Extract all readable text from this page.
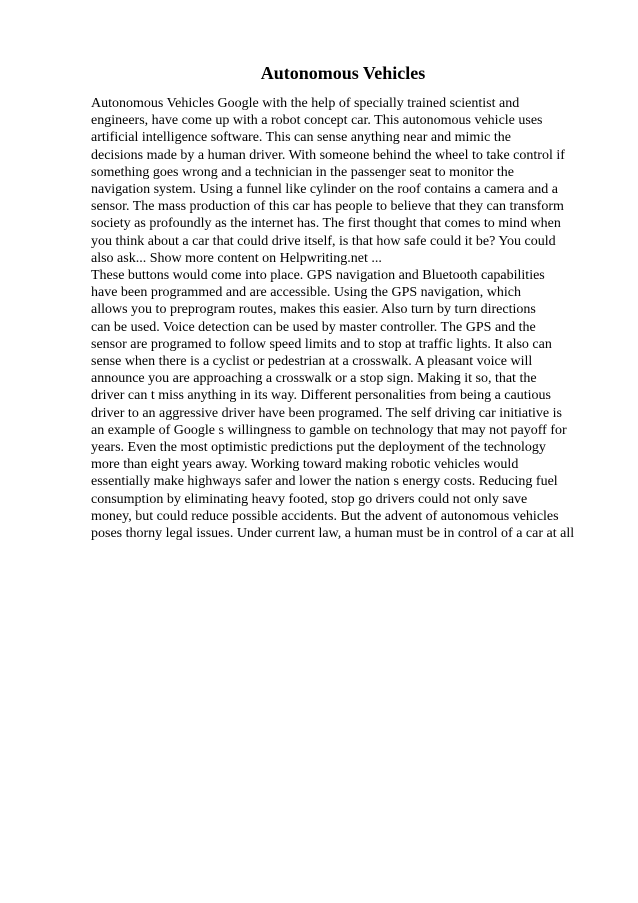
Autonomous Vehicles
Autonomous Vehicles Google with the help of specially trained scientist and
engineers, have come up with a robot concept car. This autonomous vehicle uses
artificial intelligence software. This can sense anything near and mimic the
decisions made by a human driver. With someone behind the wheel to take control if
something goes wrong and a technician in the passenger seat to monitor the
navigation system. Using a funnel like cylinder on the roof contains a camera and a
sensor. The mass production of this car has people to believe that they can transform
society as profoundly as the internet has. The first thought that comes to mind when
you think about a car that could drive itself, is that how safe could it be? You could
also ask... Show more content on Helpwriting.net ...
These buttons would come into place. GPS navigation and Bluetooth capabilities
have been programmed and are accessible. Using the GPS navigation, which
allows you to preprogram routes, makes this easier. Also turn by turn directions
can be used. Voice detection can be used by master controller. The GPS and the
sensor are programed to follow speed limits and to stop at traffic lights. It also can
sense when there is a cyclist or pedestrian at a crosswalk. A pleasant voice will
announce you are approaching a crosswalk or a stop sign. Making it so, that the
driver can t miss anything in its way. Different personalities from being a cautious
driver to an aggressive driver have been programed. The self driving car initiative is
an example of Google s willingness to gamble on technology that may not payoff for
years. Even the most optimistic predictions put the deployment of the technology
more than eight years away. Working toward making robotic vehicles would
essentially make highways safer and lower the nation s energy costs. Reducing fuel
consumption by eliminating heavy footed, stop go drivers could not only save
money, but could reduce possible accidents. But the advent of autonomous vehicles
poses thorny legal issues. Under current law, a human must be in control of a car at all
